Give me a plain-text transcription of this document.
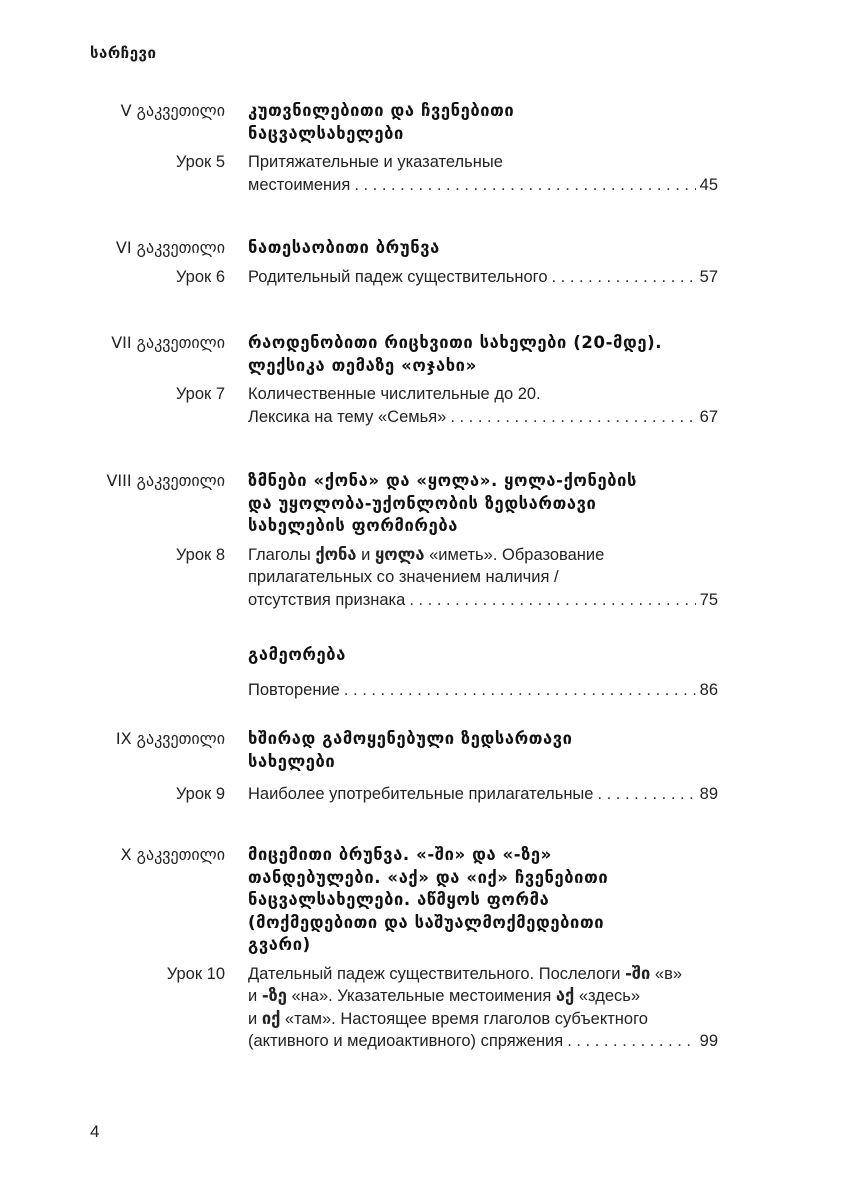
სარჩევი
V გაკვეთილი	კუთვნილებითი და ჩვენებითი
ნაცვალსახელები
Урок 5	Притяжательные и указательные
местоимения . . .	45
VI გაკვეთილი	ნათესაობითი ბრუნვა
Урок 6	Родительный падеж существительного . . .	57
VII გაკვეთილი	რაოდენობითი რიცხვითი სახელები (20-მდე).
ლექსიკა თემაზე «ოჯახი»
Урок 7	Количественные числительные до 20.
Лексика на тему «Семья» . . .	67
VIII გაკვეთილი	ზმნები «ქონა» და «ყოლა». ყოლა-ქონების
და უყოლობა-უქონლობის ზედსართავი
სახელების ფორმირება
Урок 8	Глаголы ქონა и ყოლა «иметь». Образование
прилагательных со значением наличия /
отсутствия признака . . .	75
გამეორება
Повторение . . .	86
IX გაკვეთილი	ხშირად გამოყენებული ზედსართავი
სახელები
Урок 9	Наиболее употребительные прилагательные . . .	89
X გაკვეთილი	მიცემითი ბრუნვა. «-ში» და «-ზე»
თანდებულები. «აქ» და «იქ» ჩვენებითი
ნაცვალსახელები. აწმყოს ფორმა
(მოქმედებითი და საშუალმოქმედებითი
გვარი)
Урок 10	Дательный падеж существительного. Послелоги -ში «в»
и -ზე «на». Указательные местоимения აქ «здесь»
и იქ «там». Настоящее время глаголов субъектного
(активного и медиоактивного) спряжения . . .	99
4
